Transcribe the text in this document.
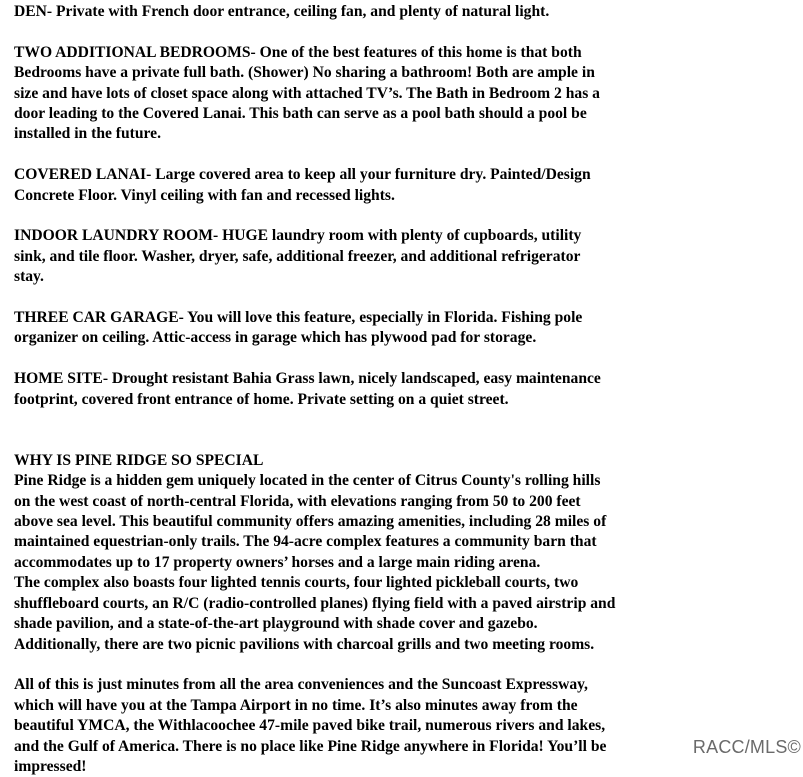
DEN- Private with French door entrance, ceiling fan, and plenty of natural light.
TWO ADDITIONAL BEDROOMS- One of the best features of this home is that both
Bedrooms have a private full bath. (Shower) No sharing a bathroom! Both are ample in
size and have lots of closet space along with attached TV’s. The Bath in Bedroom 2 has a
door leading to the Covered Lanai. This bath can serve as a pool bath should a pool be
installed in the future.
COVERED LANAI- Large covered area to keep all your furniture dry. Painted/Design
Concrete Floor. Vinyl ceiling with fan and recessed lights.
INDOOR LAUNDRY ROOM- HUGE laundry room with plenty of cupboards, utility
sink, and tile floor. Washer, dryer, safe, additional freezer, and additional refrigerator
stay.
THREE CAR GARAGE- You will love this feature, especially in Florida. Fishing pole
organizer on ceiling. Attic-access in garage which has plywood pad for storage.
HOME SITE- Drought resistant Bahia Grass lawn, nicely landscaped, easy maintenance
footprint, covered front entrance of home. Private setting on a quiet street.
WHY IS PINE RIDGE SO SPECIAL
Pine Ridge is a hidden gem uniquely located in the center of Citrus County's rolling hills
on the west coast of north-central Florida, with elevations ranging from 50 to 200 feet
above sea level. This beautiful community offers amazing amenities, including 28 miles of
maintained equestrian-only trails. The 94-acre complex features a community barn that
accommodates up to 17 property owners’ horses and a large main riding arena.
The complex also boasts four lighted tennis courts, four lighted pickleball courts, two
shuffleboard courts, an R/C (radio-controlled planes) flying field with a paved airstrip and
shade pavilion, and a state-of-the-art playground with shade cover and gazebo.
Additionally, there are two picnic pavilions with charcoal grills and two meeting rooms.
All of this is just minutes from all the area conveniences and the Suncoast Expressway,
which will have you at the Tampa Airport in no time. It’s also minutes away from the
beautiful YMCA, the Withlacoochee 47-mile paved bike trail, numerous rivers and lakes,
and the Gulf of America. There is no place like Pine Ridge anywhere in Florida! You’ll be
impressed!
RACC/MLS©
